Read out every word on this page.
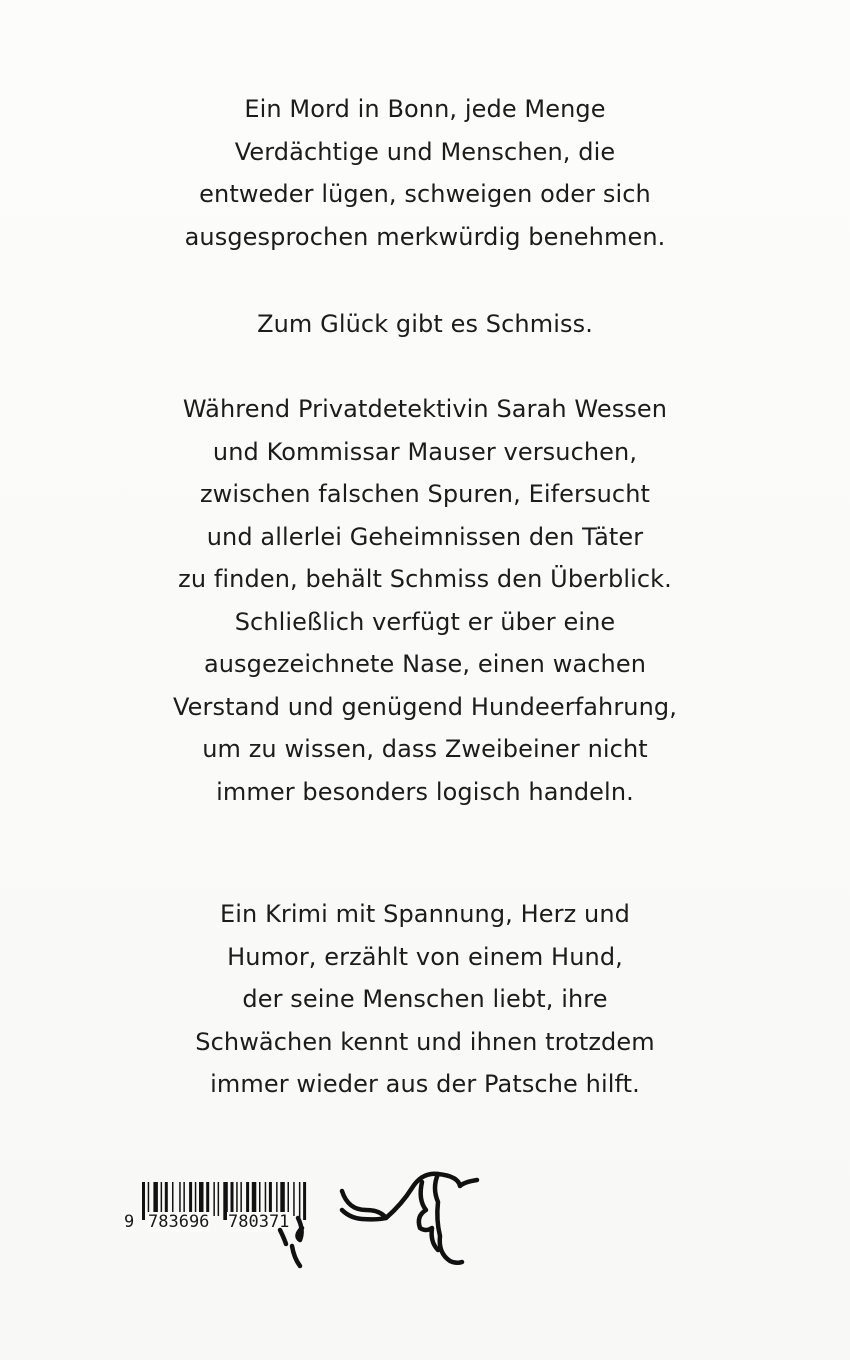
Ein Mord in Bonn, jede Menge
Verdächtige und Menschen, die
entweder lügen, schweigen oder sich
ausgesprochen merkwürdig benehmen.
Zum Glück gibt es Schmiss.
Während Privatdetektivin Sarah Wessen
und Kommissar Mauser versuchen,
zwischen falschen Spuren, Eifersucht
und allerlei Geheimnissen den Täter
zu finden, behält Schmiss den Überblick.
Schließlich verfügt er über eine
ausgezeichnete Nase, einen wachen
Verstand und genügend Hundeerfahrung,
um zu wissen, dass Zweibeiner nicht
immer besonders logisch handeln.
Ein Krimi mit Spannung, Herz und
Humor, erzählt von einem Hund,
der seine Menschen liebt, ihre
Schwächen kennt und ihnen trotzdem
immer wieder aus der Patsche hilft.
9 783696 780371
